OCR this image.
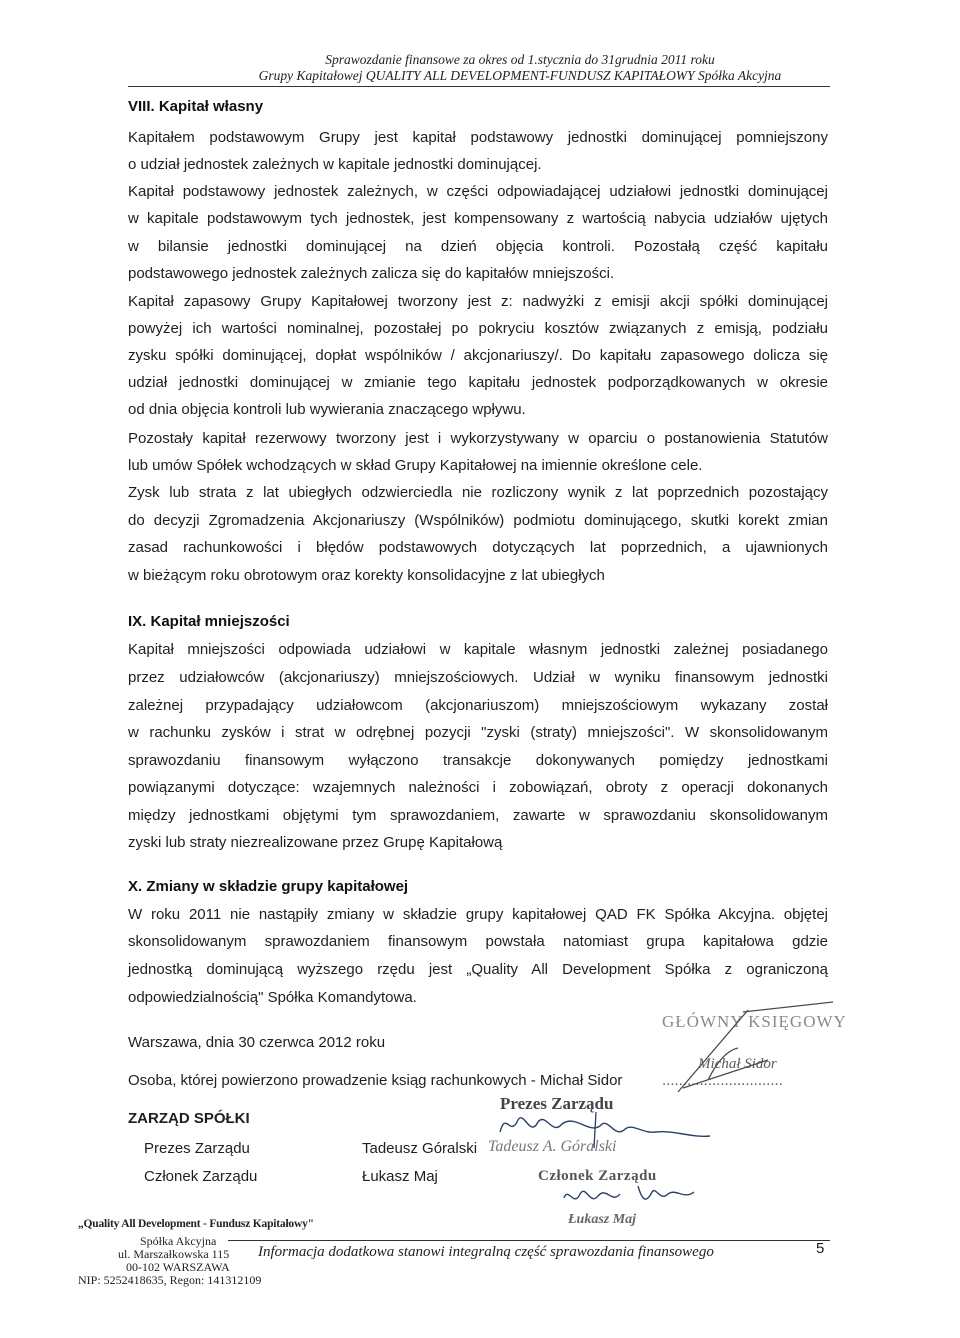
Sprawozdanie finansowe za okres od 1.stycznia do 31grudnia 2011 roku
Grupy Kapitałowej QUALITY ALL DEVELOPMENT-FUNDUSZ KAPITAŁOWY Spółka Akcyjna
VIII. Kapitał własny
Kapitałem podstawowym Grupy jest kapitał podstawowy jednostki dominującej pomniejszony
o udział jednostek zależnych w kapitale jednostki dominującej.
Kapitał podstawowy jednostek zależnych, w części odpowiadającej udziałowi jednostki dominującej
w kapitale podstawowym tych jednostek, jest kompensowany z wartością nabycia udziałów ujętych
w bilansie jednostki dominującej na dzień objęcia kontroli. Pozostałą część kapitału
podstawowego jednostek zależnych zalicza się do kapitałów mniejszości.
Kapitał zapasowy Grupy Kapitałowej tworzony jest z: nadwyżki z emisji akcji spółki dominującej
powyżej ich wartości nominalnej, pozostałej po pokryciu kosztów związanych z emisją, podziału
zysku spółki dominującej, dopłat wspólników / akcjonariuszy/. Do kapitału zapasowego dolicza się
udział jednostki dominującej w zmianie tego kapitału jednostek podporządkowanych w okresie
od dnia objęcia kontroli lub wywierania znaczącego wpływu.
Pozostały kapitał rezerwowy tworzony jest i wykorzystywany w oparciu o postanowienia Statutów
lub umów Spółek wchodzących w skład Grupy Kapitałowej na imiennie określone cele.
Zysk lub strata z lat ubiegłych odzwierciedla nie rozliczony wynik z lat poprzednich pozostający
do decyzji Zgromadzenia Akcjonariuszy (Wspólników) podmiotu dominującego, skutki korekt zmian
zasad rachunkowości i błędów podstawowych dotyczących lat poprzednich, a ujawnionych
w bieżącym roku obrotowym oraz korekty konsolidacyjne z lat ubiegłych
IX. Kapitał mniejszości
Kapitał mniejszości odpowiada udziałowi w kapitale własnym jednostki zależnej posiadanego
przez udziałowców (akcjonariuszy) mniejszościowych. Udział w wyniku finansowym jednostki
zależnej przypadający udziałowcom (akcjonariuszom) mniejszościowym wykazany został
w rachunku zysków i strat w odrębnej pozycji "zyski (straty) mniejszości". W skonsolidowanym
sprawozdaniu finansowym wyłączono transakcje dokonywanych pomiędzy jednostkami
powiązanymi dotyczące: wzajemnych należności i zobowiązań, obroty z operacji dokonanych
między jednostkami objętymi tym sprawozdaniem, zawarte w sprawozdaniu skonsolidowanym
zyski lub straty niezrealizowane przez Grupę Kapitałową
X. Zmiany w składzie grupy kapitałowej
W roku 2011 nie nastąpiły zmiany w składzie grupy kapitałowej QAD FK Spółka Akcyjna. objętej
skonsolidowanym sprawozdaniem finansowym powstała natomiast grupa kapitałowa gdzie
jednostką dominującą wyższego rzędu jest „Quality All Development Spółka z ograniczoną
odpowiedzialnością" Spółka Komandytowa.
Warszawa, dnia 30 czerwca 2012 roku
GŁÓWNY KSIĘGOWY
Michał Sidor
Osoba, której powierzono prowadzenie ksiąg rachunkowych - Michał Sidor	.............................
ZARZĄD SPÓŁKI
Prezes Zarządu	Tadeusz Góralski
Członek Zarządu	Łukasz Maj
Prezes Zarządu
Tadeusz A. Góralski
Członek Zarządu
Łukasz Maj
„Quality All Development - Fundusz Kapitałowy"
Spółka Akcyjna
ul. Marszałkowska 115
00-102 WARSZAWA
NIP: 5252418635, Regon: 141312109
Informacja dodatkowa stanowi integralną część sprawozdania finansowego	5
